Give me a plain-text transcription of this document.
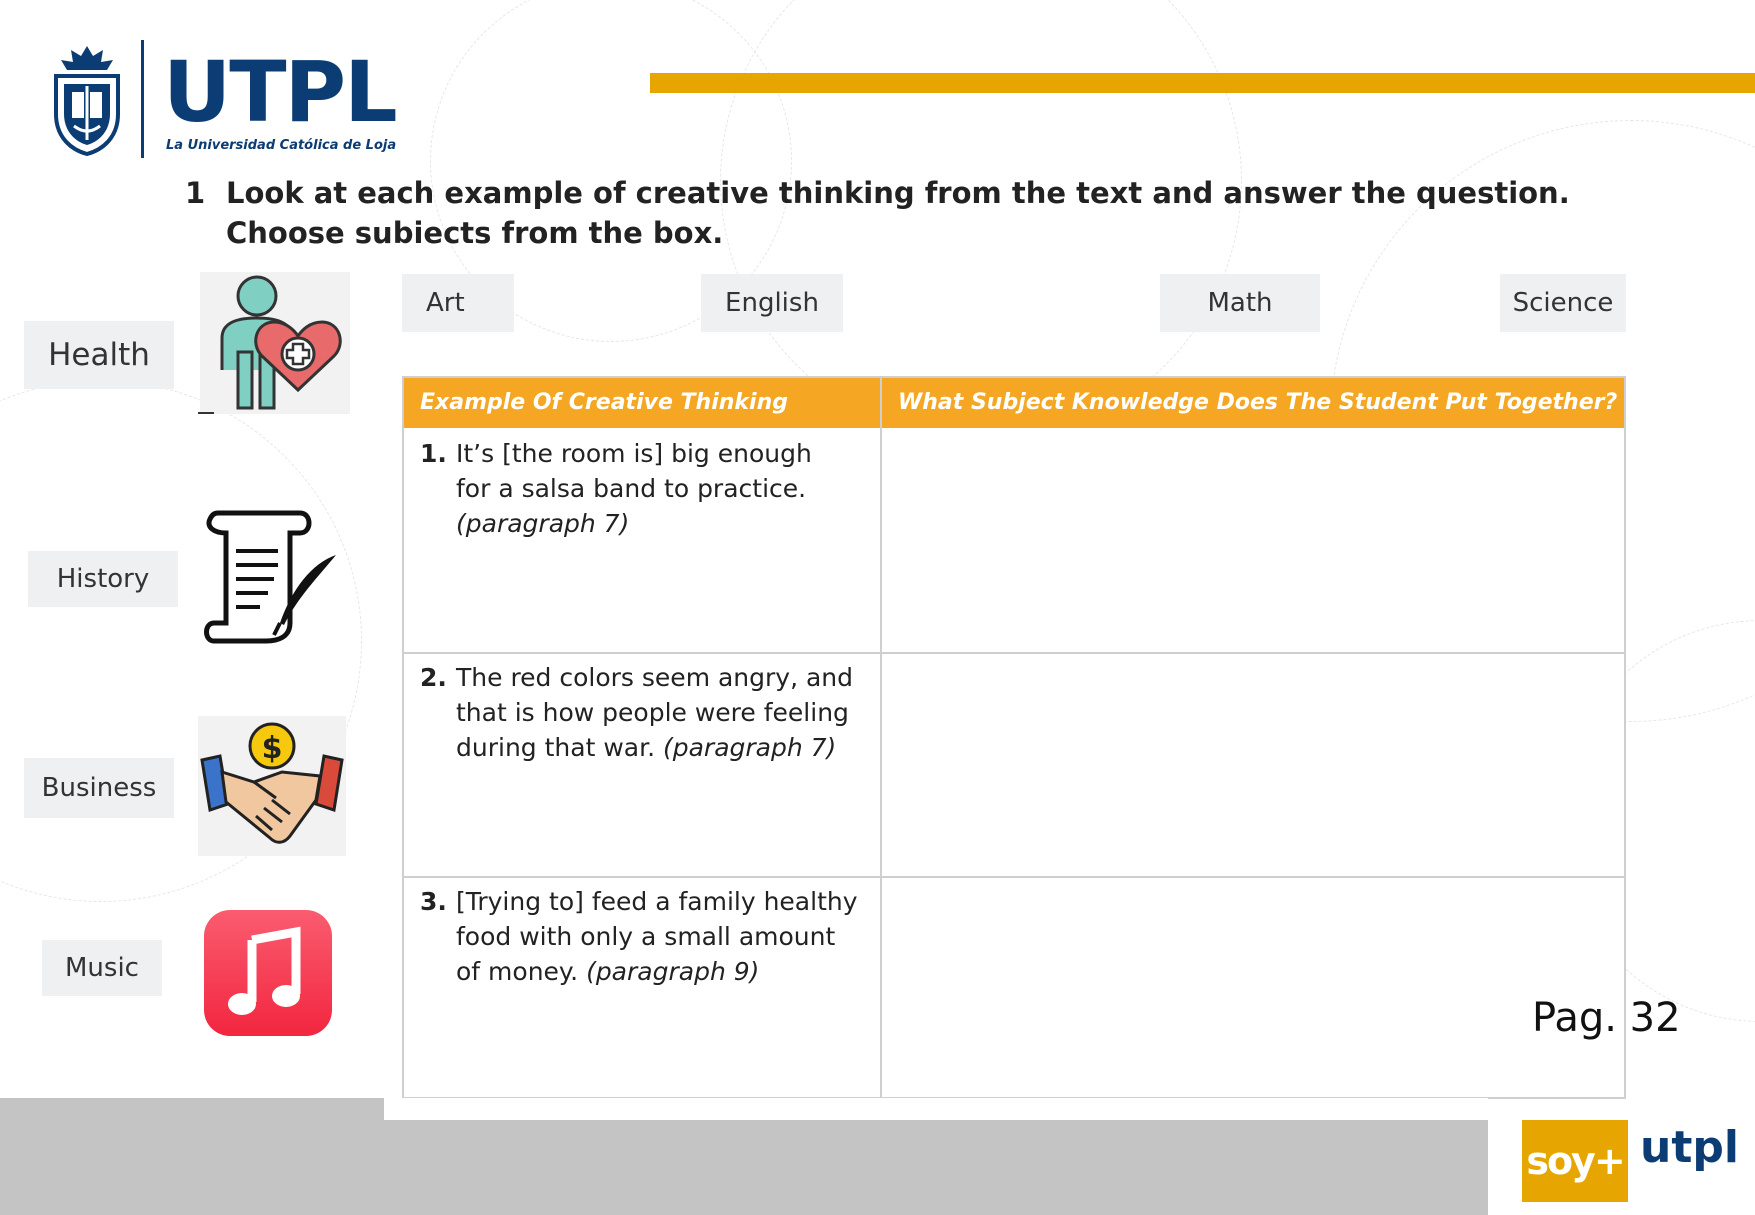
UTPL
La Universidad Católica de Loja
1 Look at each example of creative thinking from the text and answer the question.
Choose subiects from the box.
Health
History
Business
Music
$
Art	English	Math	Science
Example Of Creative Thinking	What Subject Knowledge Does The Student Put Together?
1. It’s [the room is] big enough
for a salsa band to practice.
(paragraph 7)
2. The red colors seem angry, and
that is how people were feeling
during that war. (paragraph 7)
3. [Trying to] feed a family healthy
food with only a small amount
of money. (paragraph 9)
Pag. 32
soy+ utpl
